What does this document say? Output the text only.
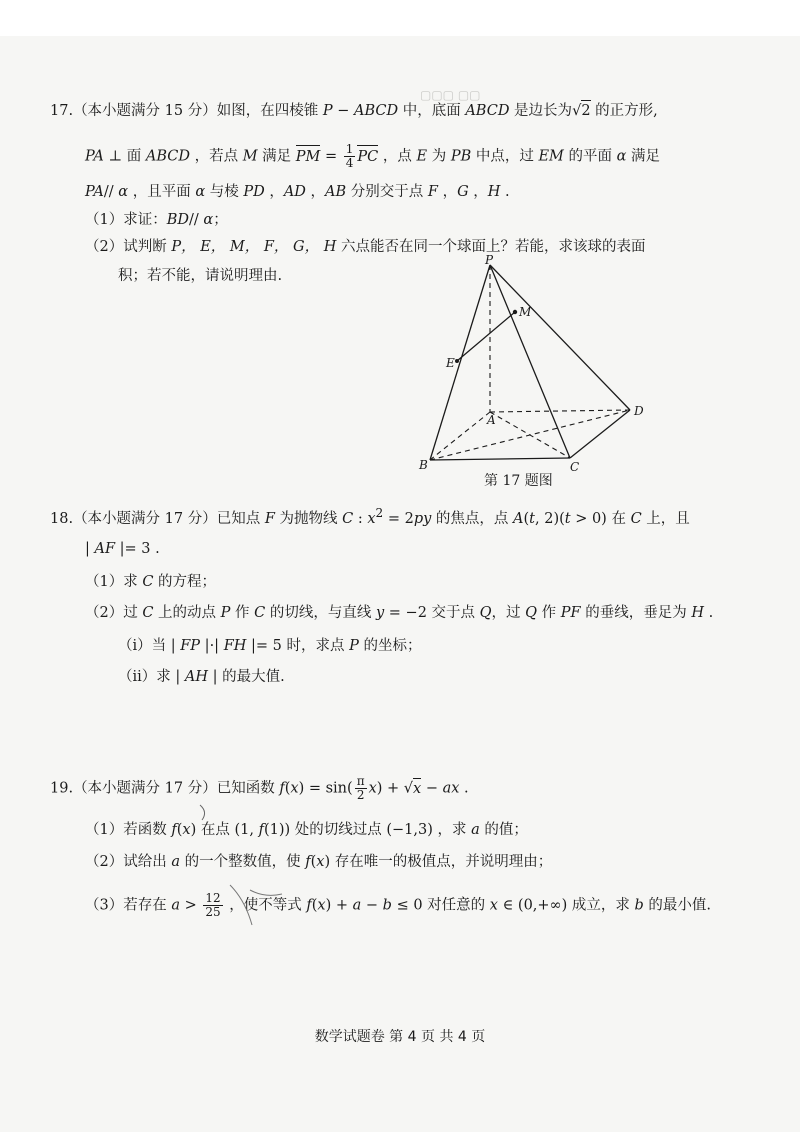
▢▢▢ ▢▢
17.（本小题满分 15 分）如图，在四棱锥 P − ABCD 中，底面 ABCD 是边长为√2 的正方形,
PA ⊥ 面 ABCD ，若点 M 满足 PM = $\frac{1}{4}$ PC ，点 E 为 PB 中点，过 EM 的平面 α 满足
PA// α ，且平面 α 与棱 PD ，AD ，AB 分别交于点 F ，G ，H .
（1）求证：BD// α；
（2）试判断 P， E， M， F， G， H 六点能否在同一个球面上？若能，求该球的表面
积；若不能，请说明理由.
P
M
E
A
D
B	C
第 17 题图
18.（本小题满分 17 分）已知点 F 为抛物线 C : $x^2 = 2py$ 的焦点，点 A(t, 2)(t > 0) 在 C 上，且
| AF |= 3 .
（1）求 C 的方程；
（2）过 C 上的动点 P 作 C 的切线，与直线 y = −2 交于点 Q，过 Q 作 PF 的垂线，垂足为 H .
（i）当 | FP |·| FH |= 5 时，求点 P 的坐标；
（ii）求 | AH | 的最大值.
19.（本小题满分 17 分）已知函数 $f(x) = \sin( \frac{\pi}{2} x) + √x$ − ax .
（1）若函数 f(x) 在点 (1, f(1)) 处的切线过点 (−1,3) ，求 a 的值；
（2）试给出 a 的一个整数值，使 f(x) 存在唯一的极值点，并说明理由；
（3）若存在 $a > \frac{12}{25}$ ，使不等式 f(x) + a − b ≤ 0 对任意的 x ∈ (0,+∞) 成立，求 b 的最小值.
数学试题卷 第 4 页 共 4 页
